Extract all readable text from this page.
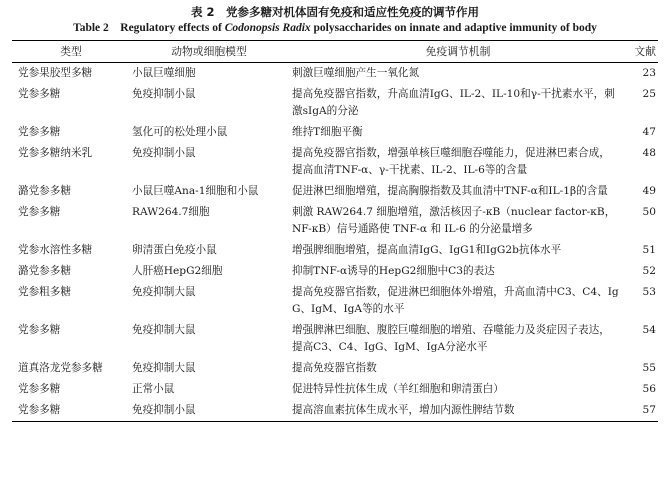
表 2　党参多糖对机体固有免疫和适应性免疫的调节作用
Table 2　Regulatory effects of Codonopsis Radix polysaccharides on innate and adaptive immunity of body
类型	动物或细胞模型	免疫调节机制	文献
党参果胶型多糖	小鼠巨噬细胞	刺激巨噬细胞产生一氧化氮	23
党参多糖	免疫抑制小鼠	提高免疫器官指数，升高血清IgG、IL-2、IL-10和γ-干扰素水平，刺激sIgA的分泌	25
党参多糖	氢化可的松处理小鼠	维持T细胞平衡	47
党参多糖纳米乳	免疫抑制小鼠	提高免疫器官指数，增强单核巨噬细胞吞噬能力，促进淋巴素合成，提高血清TNF-α、γ-干扰素、IL-2、IL-6等的含量	48
潞党参多糖	小鼠巨噬Ana-1细胞和小鼠	促进淋巴细胞增殖，提高胸腺指数及其血清中TNF-α和IL-1β的含量	49
党参多糖	RAW264.7细胞	刺激 RAW264.7 细胞增殖，激活核因子-κB（nuclear factor-κB，NF-κB）信号通路使 TNF-α 和 IL-6 的分泌量增多	50
党参水溶性多糖	卵清蛋白免疫小鼠	增强脾细胞增殖，提高血清IgG、IgG1和IgG2b抗体水平	51
潞党参多糖	人肝癌HepG2细胞	抑制TNF-α诱导的HepG2细胞中C3的表达	52
党参粗多糖	免疫抑制大鼠	提高免疫器官指数，促进淋巴细胞体外增殖，升高血清中C3、C4、IgG、IgM、IgA等的水平	53
党参多糖	免疫抑制大鼠	增强脾淋巴细胞、腹腔巨噬细胞的增殖、吞噬能力及炎症因子表达，提高C3、C4、IgG、IgM、IgA分泌水平	54
道真洛龙党参多糖	免疫抑制大鼠	提高免疫器官指数	55
党参多糖	正常小鼠	促进特异性抗体生成（羊红细胞和卵清蛋白）	56
党参多糖	免疫抑制小鼠	提高溶血素抗体生成水平，增加内源性脾结节数	57
